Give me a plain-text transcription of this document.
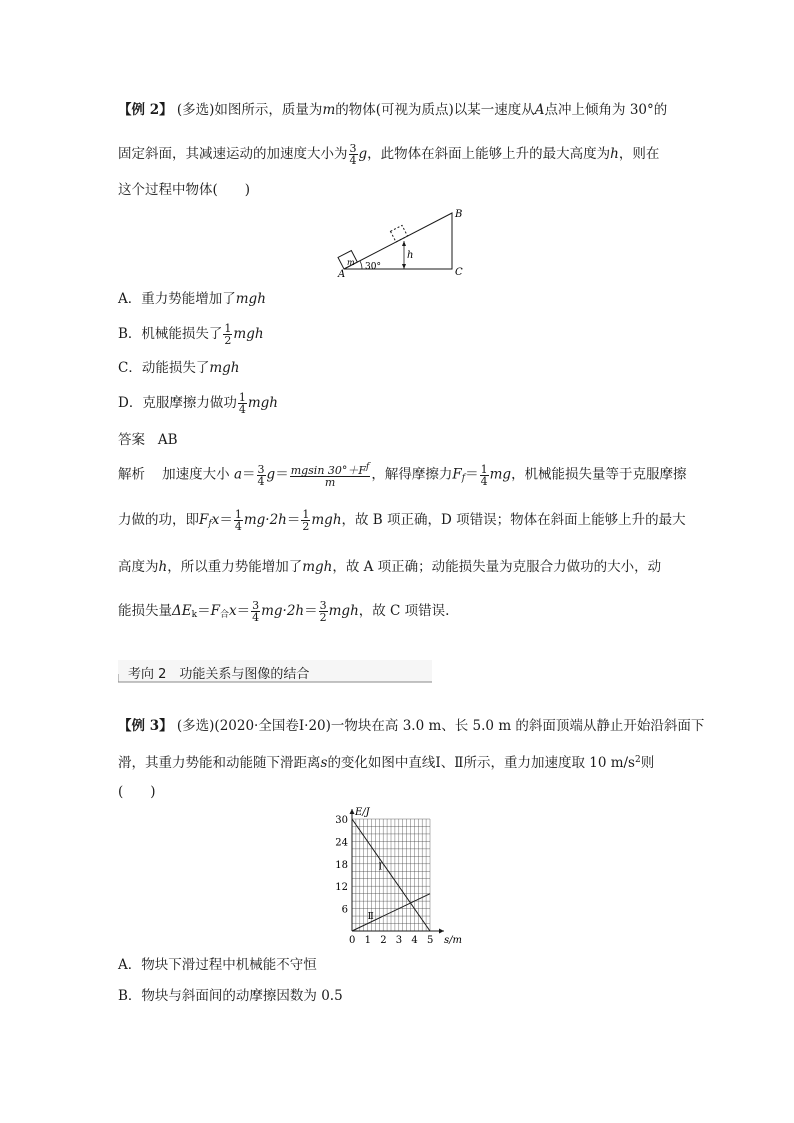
【例 2】 (多选)如图所示，质量为m的物体(可视为质点)以某一速度从A点冲上倾角为 30°的
固定斜面，其减速运动的加速度大小为 $\frac{3}{4}$ g，此物体在斜面上能够上升的最大高度为h，则在
这个过程中物体(　　)
A
B
C
h
m 30°
A．重力势能增加了mgh
B．机械能损失了 $\frac{1}{2}$ mgh
C．动能损失了mgh
D．克服摩擦力做功 $\frac{1}{4}$ mgh
答案 AB
解析 加速度大小 $a= \frac{3}{4} g= \frac{mgsin 30^\circ+F^f}{m}$ ，解得摩擦力$F_f= \frac{1}{4}$ mg，机械能损失量等于克服摩擦
力做的功，即$F_fx= \frac{1}{4} mg\cdot 2h= \frac{1}{2}$ mgh，故 B 项正确，D 项错误；物体在斜面上能够上升的最大
高度为h，所以重力势能增加了mgh，故 A 项正确；动能损失量为克服合力做功的大小，动
能损失量$\Delta E_k=F_合x= \frac{3}{4} mg\cdot 2h= \frac{3}{2}$ mgh，故 C 项错误.
考向 2　功能关系与图像的结合
【例 3】 (多选)(2020·全国卷Ⅰ·20)一物块在高 3.0 m、长 5.0 m 的斜面顶端从静止开始沿斜面下
滑，其重力势能和动能随下滑距离s的变化如图中直线Ⅰ、Ⅱ所示，重力加速度取 10 $m/s^2$则
(　　)
Ⅰ
Ⅱ
0 1 2 3 4 5
6
12
18
24
30
E/J
s/m
A．物块下滑过程中机械能不守恒
B．物块与斜面间的动摩擦因数为 0.5
